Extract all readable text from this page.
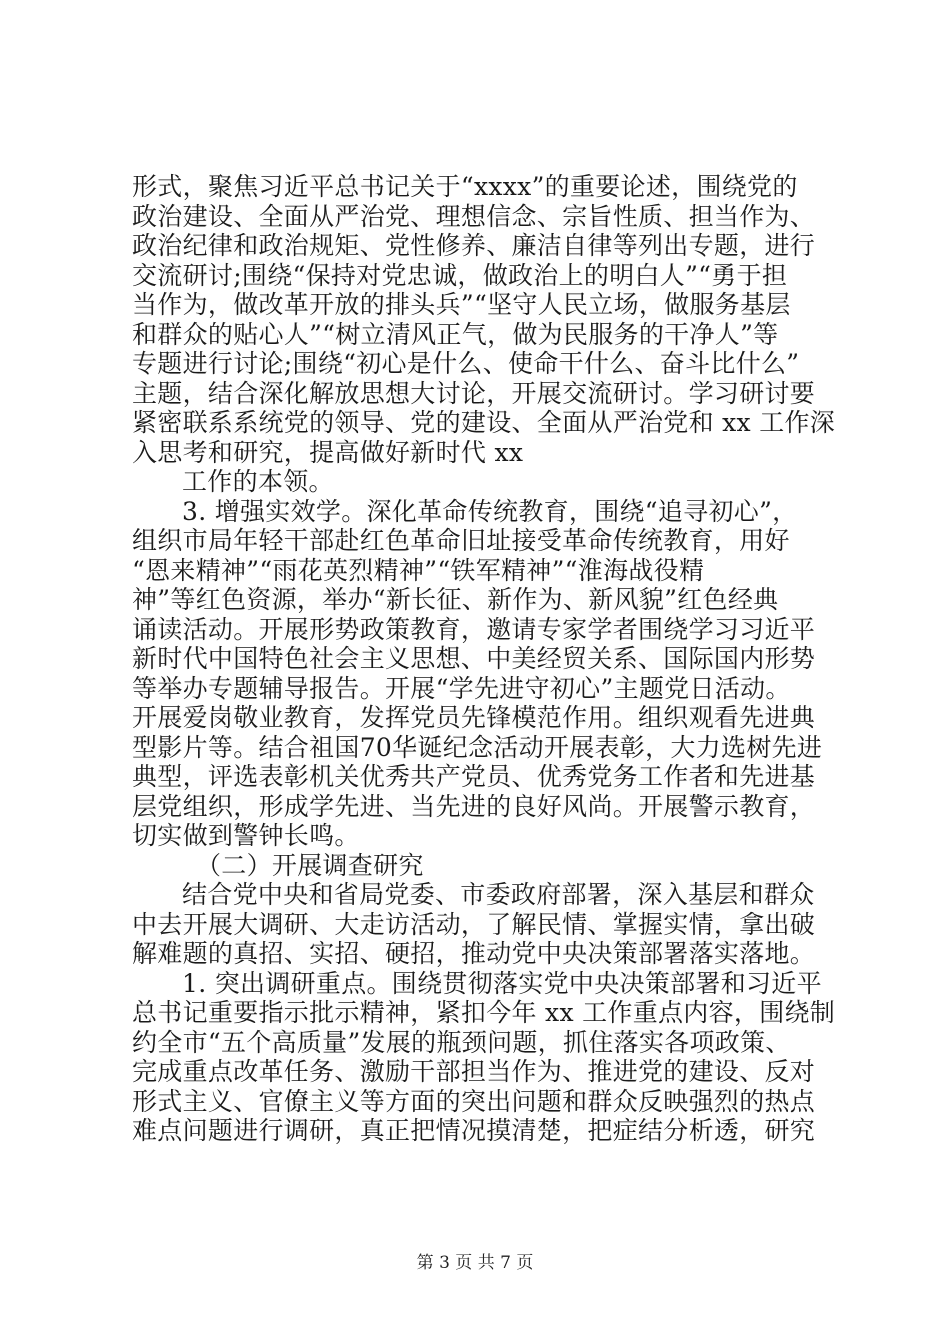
形式，聚焦习近平总书记关于“xxxx”的重要论述，围绕党的
政治建设、全面从严治党、理想信念、宗旨性质、担当作为、
政治纪律和政治规矩、党性修养、廉洁自律等列出专题，进行
交流研讨;围绕“保持对党忠诚，做政治上的明白人”“勇于担
当作为，做改革开放的排头兵”“坚守人民立场，做服务基层
和群众的贴心人”“树立清风正气，做为民服务的干净人”等
专题进行讨论;围绕“初心是什么、使命干什么、奋斗比什么”
主题，结合深化解放思想大讨论，开展交流研讨。学习研讨要
紧密联系系统党的领导、党的建设、全面从严治党和 xx 工作深
入思考和研究，提高做好新时代 xx
工作的本领。
3. 增强实效学。深化革命传统教育，围绕“追寻初心”，
组织市局年轻干部赴红色革命旧址接受革命传统教育，用好
“恩来精神”“雨花英烈精神”“铁军精神”“淮海战役精
神”等红色资源，举办“新长征、新作为、新风貌”红色经典
诵读活动。开展形势政策教育，邀请专家学者围绕学习习近平
新时代中国特色社会主义思想、中美经贸关系、国际国内形势
等举办专题辅导报告。开展“学先进守初心”主题党日活动。
开展爱岗敬业教育，发挥党员先锋模范作用。组织观看先进典
型影片等。结合祖国70华诞纪念活动开展表彰，大力选树先进
典型，评选表彰机关优秀共产党员、优秀党务工作者和先进基
层党组织，形成学先进、当先进的良好风尚。开展警示教育，
切实做到警钟长鸣。
（二）开展调查研究
结合党中央和省局党委、市委政府部署，深入基层和群众
中去开展大调研、大走访活动，了解民情、掌握实情，拿出破
解难题的真招、实招、硬招，推动党中央决策部署落实落地。
1. 突出调研重点。围绕贯彻落实党中央决策部署和习近平
总书记重要指示批示精神，紧扣今年 xx 工作重点内容，围绕制
约全市“五个高质量”发展的瓶颈问题，抓住落实各项政策、
完成重点改革任务、激励干部担当作为、推进党的建设、反对
形式主义、官僚主义等方面的突出问题和群众反映强烈的热点
难点问题进行调研，真正把情况摸清楚，把症结分析透，研究
第 3 页 共 7 页
